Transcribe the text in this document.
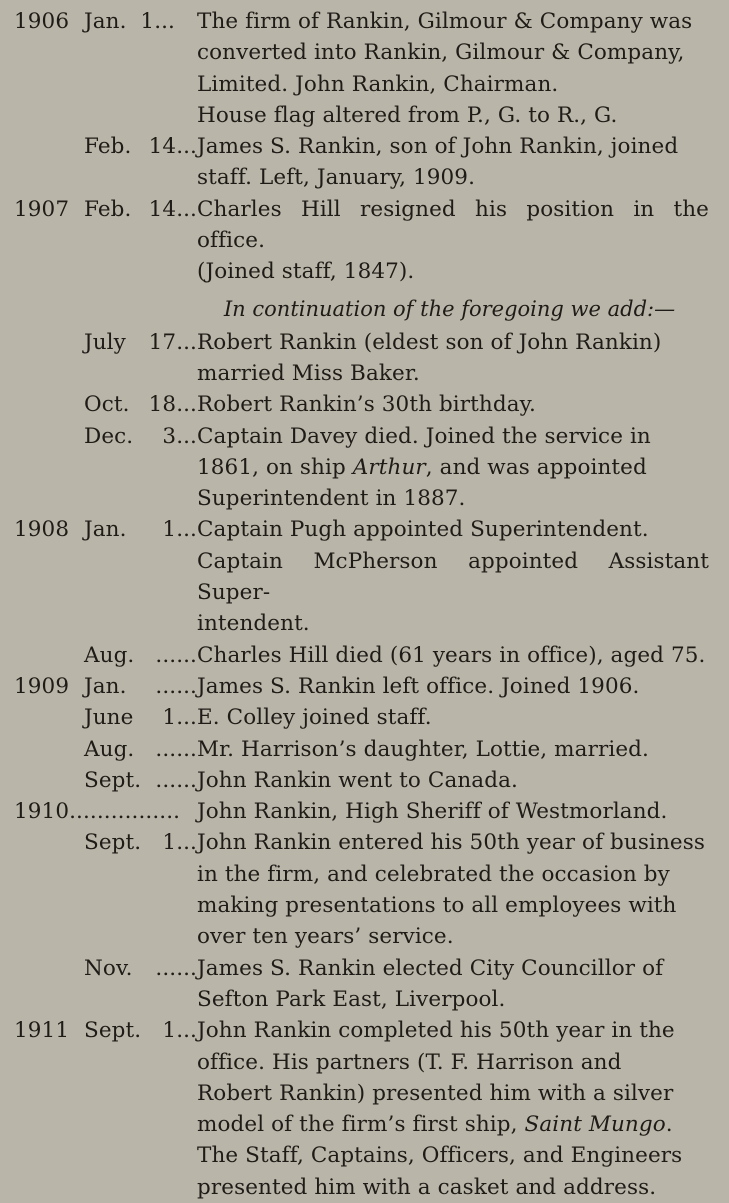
1906 Jan. 1... The firm of Rankin, Gilmour & Company was
converted into Rankin, Gilmour & Company,
Limited. John Rankin, Chairman.
House flag altered from P., G. to R., G.
Feb. 14... James S. Rankin, son of John Rankin, joined
staff. Left, January, 1909.
1907 Feb. 14... Charles Hill resigned his position in the office.
(Joined staff, 1847).
In continuation of the foregoing we add:—
July	17... Robert Rankin (eldest son of John Rankin)
married Miss Baker.
Oct. 18... Robert Rankin’s 30th birthday.
Dec.	3... Captain Davey died. Joined the service in
1861, on ship Arthur, and was appointed
Superintendent in 1887.
1908 Jan.	1... Captain Pugh appointed Superintendent.
Captain McPherson appointed Assistant Super-
intendent.
Aug. ...... Charles Hill died (61 years in office), aged 75.
1909 Jan.	...... James S. Rankin left office. Joined 1906.
June	1... E. Colley joined staff.
Aug. ...... Mr. Harrison’s daughter, Lottie, married.
Sept. ...... John Rankin went to Canada.
1910................ John Rankin, High Sheriff of Westmorland.
Sept. 1... John Rankin entered his 50th year of business
in the firm, and celebrated the occasion by
making presentations to all employees with
over ten years’ service.
Nov.	...... James S. Rankin elected City Councillor of
Sefton Park East, Liverpool.
1911 Sept. 1... John Rankin completed his 50th year in the
office. His partners (T. F. Harrison and
Robert Rankin) presented him with a silver
model of the firm’s first ship, Saint Mungo.
The Staff, Captains, Officers, and Engineers
presented him with a casket and address.
